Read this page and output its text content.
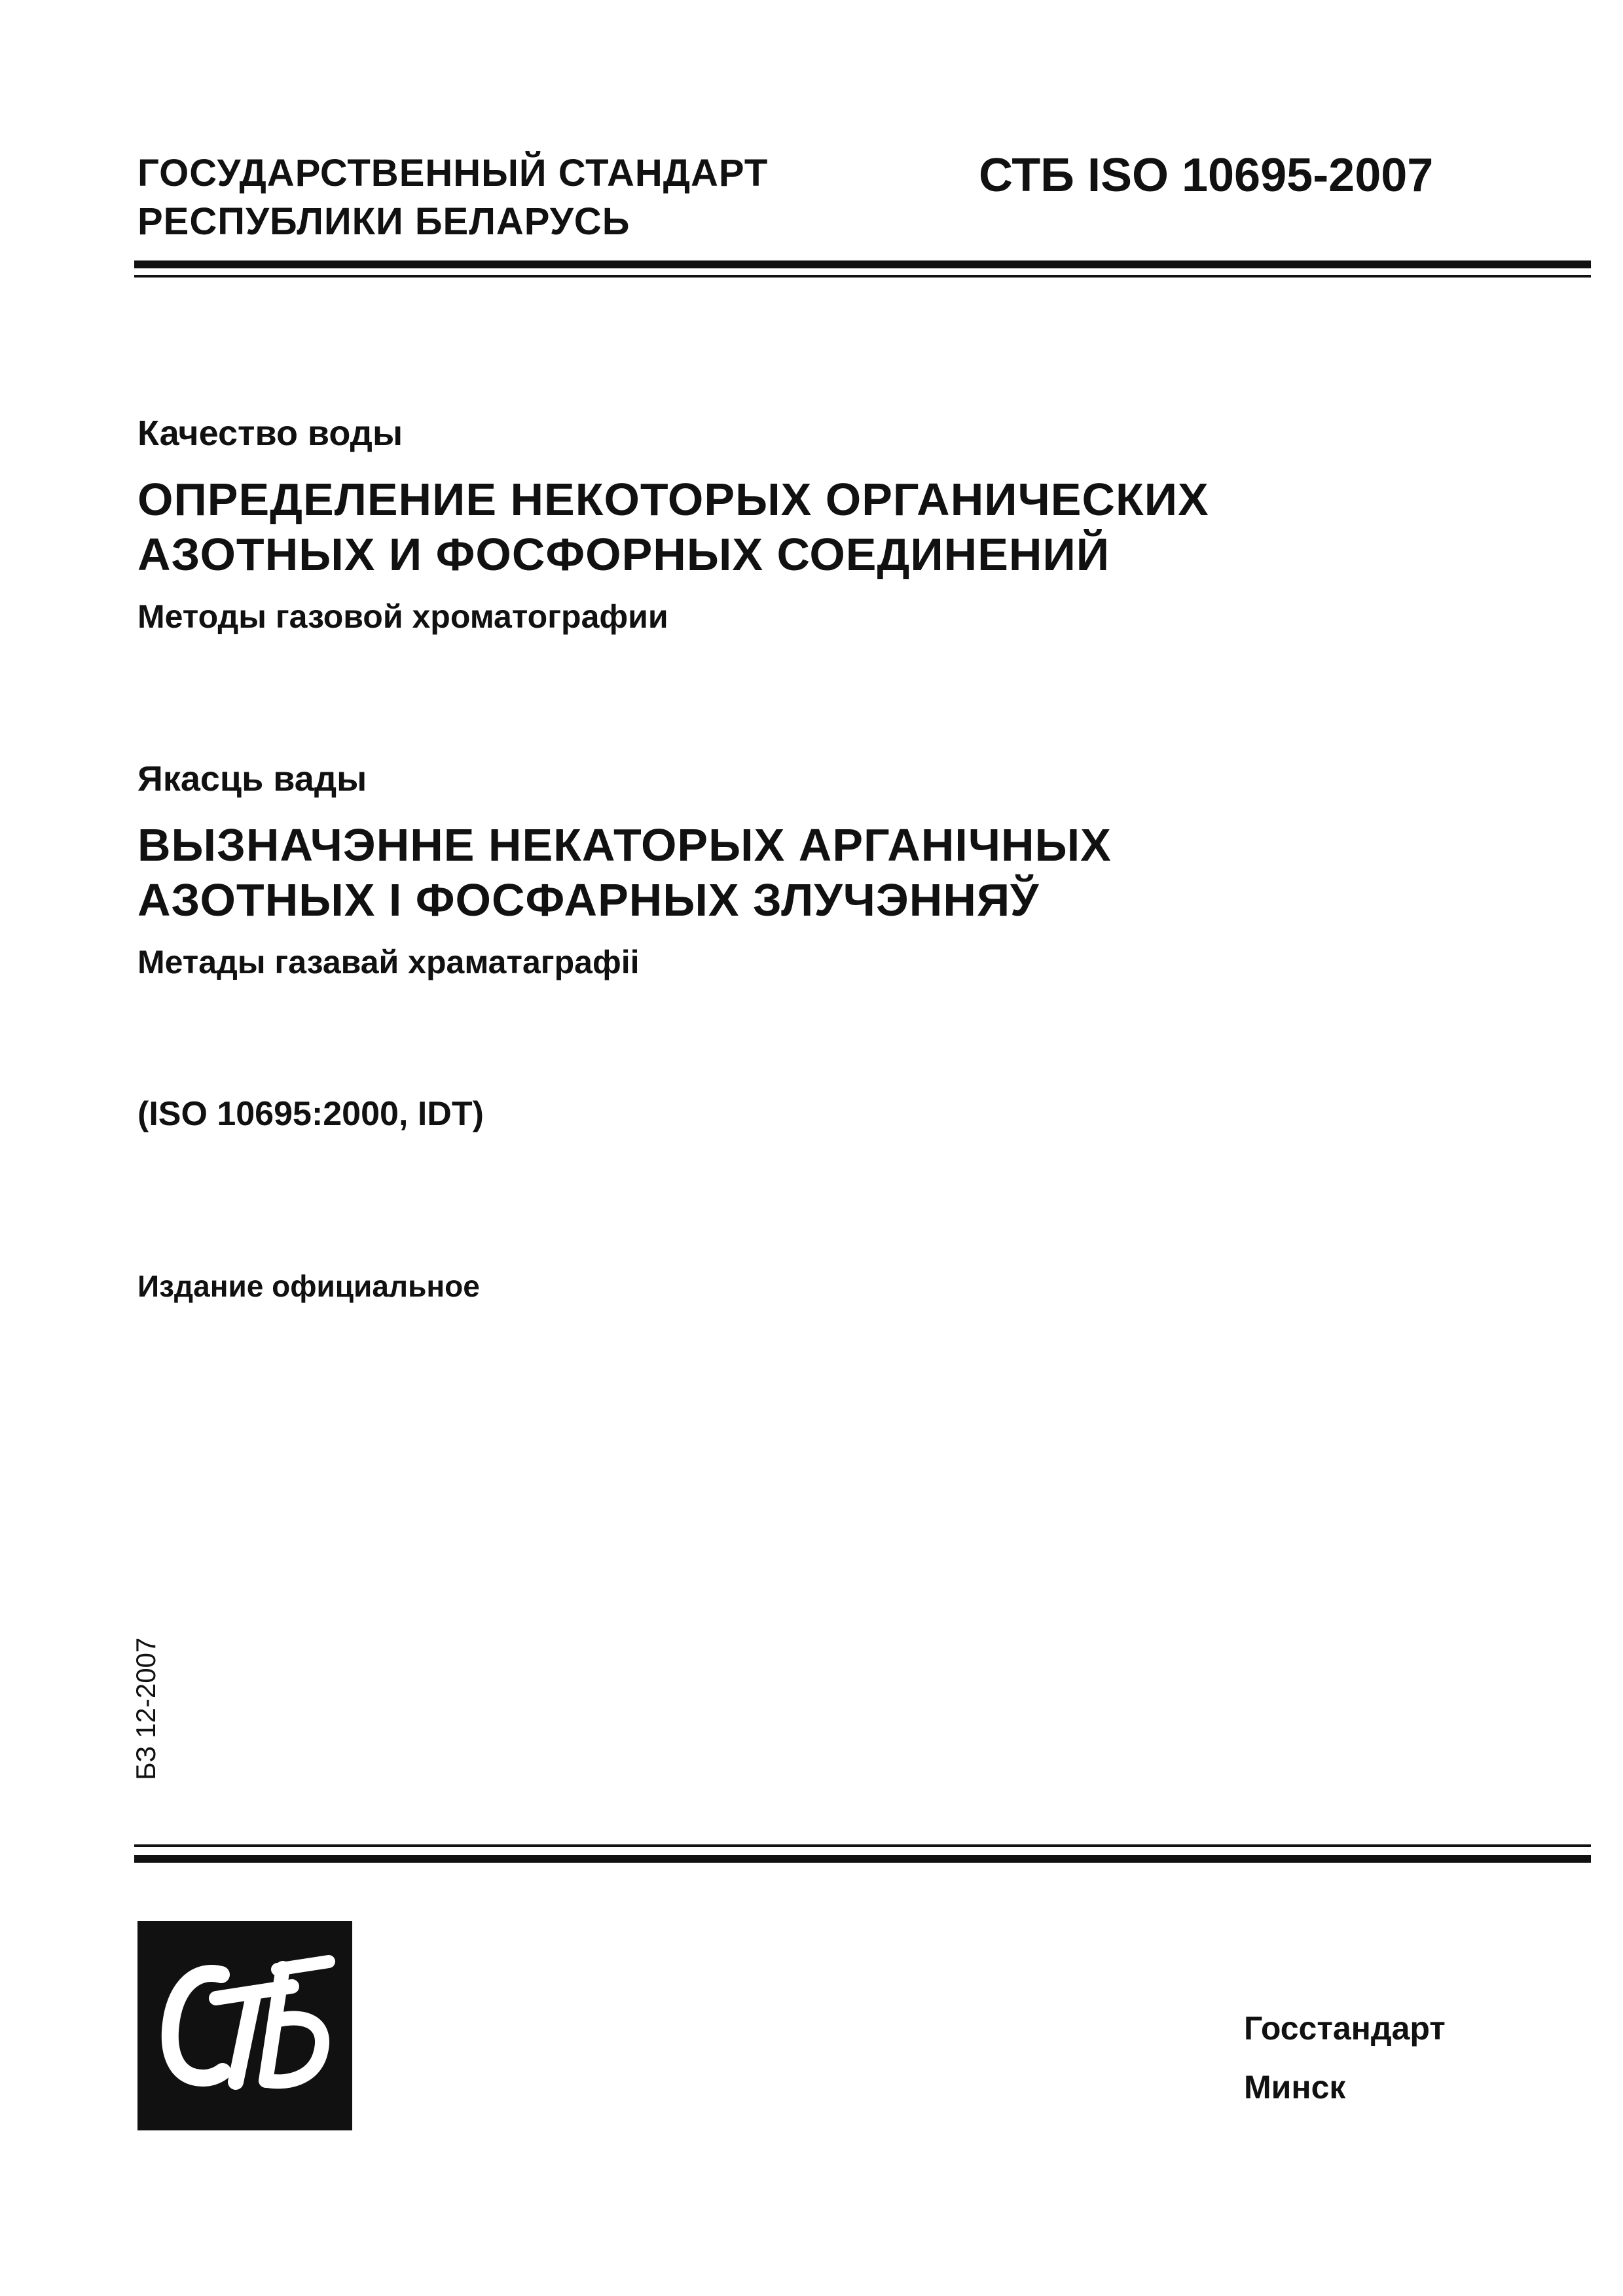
ГОСУДАРСТВЕННЫЙ СТАНДАРТ
РЕСПУБЛИКИ БЕЛАРУСЬ
СТБ ISO 10695-2007
Качество воды
ОПРЕДЕЛЕНИЕ НЕКОТОРЫХ ОРГАНИЧЕСКИХ
АЗОТНЫХ И ФОСФОРНЫХ СОЕДИНЕНИЙ
Методы газовой хроматографии
Якасць вады
ВЫЗНАЧЭННЕ НЕКАТОРЫХ АРГАНІЧНЫХ
АЗОТНЫХ І ФОСФАРНЫХ ЗЛУЧЭННЯЎ
Метады газавай храматаграфіі
(ISO 10695:2000, IDT)
Издание официальное
БЗ 12-2007
Госстандарт
Минск
